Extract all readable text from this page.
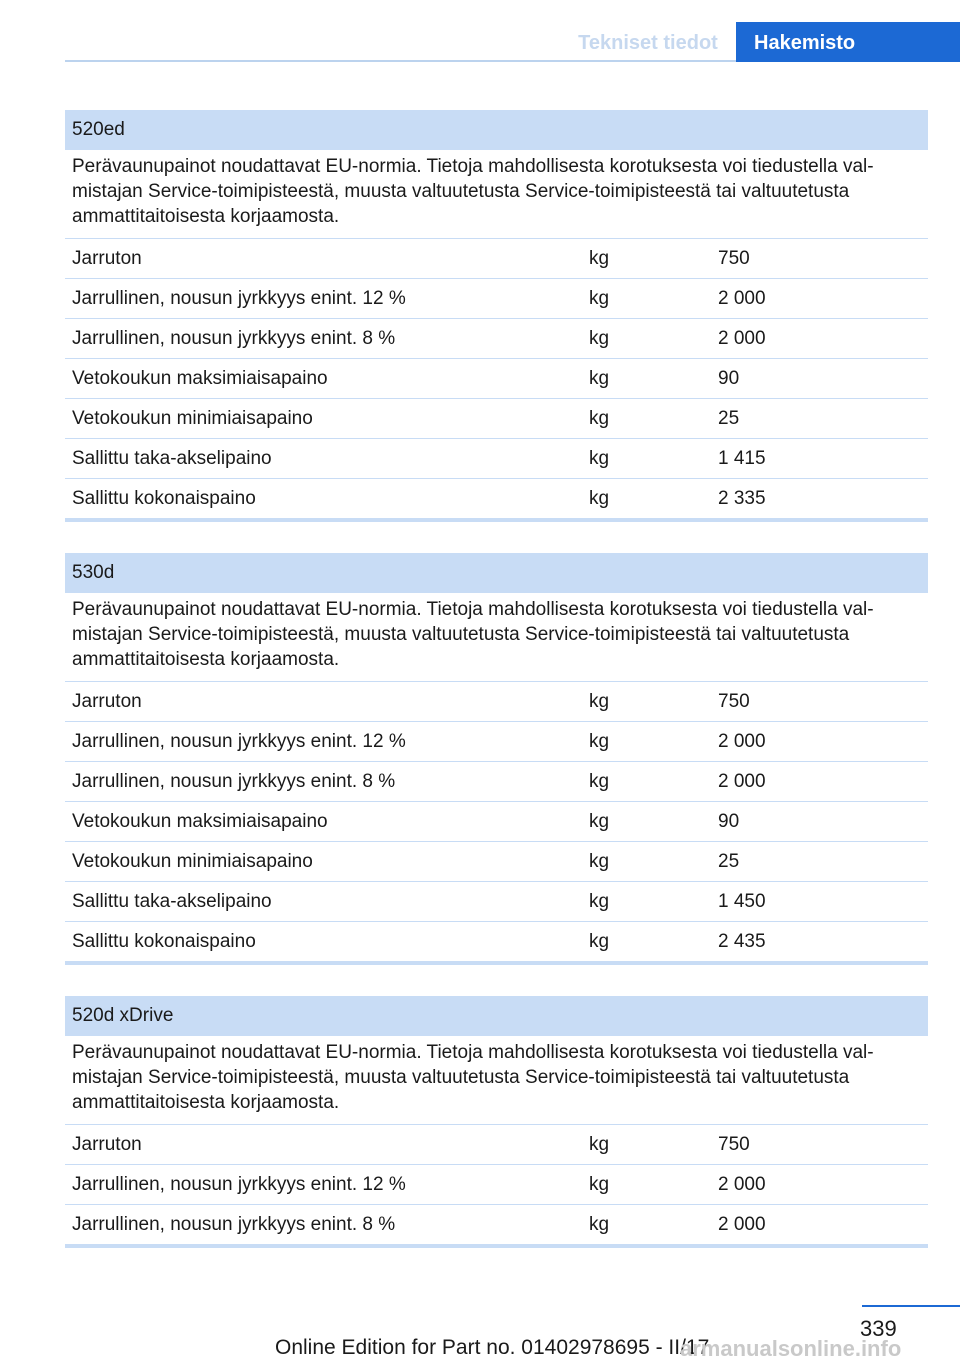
Tekniset tiedot	Hakemisto
520ed
Perävaunupainot noudattavat EU-normia. Tietoja mahdollisesta korotuksesta voi tiedustella valmistajan Service-toimipisteestä, muusta valtuutetusta Service-toimipisteestä tai valtuutetusta ammattitaitoisesta korjaamosta.
Jarruton	kg	750
Jarrullinen, nousun jyrkkyys enint. 12 %	kg	2 000
Jarrullinen, nousun jyrkkyys enint. 8 %	kg	2 000
Vetokoukun maksimiaisapaino	kg	90
Vetokoukun minimiaisapaino	kg	25
Sallittu taka-akselipaino	kg	1 415
Sallittu kokonaispaino	kg	2 335
530d
Perävaunupainot noudattavat EU-normia. Tietoja mahdollisesta korotuksesta voi tiedustella valmistajan Service-toimipisteestä, muusta valtuutetusta Service-toimipisteestä tai valtuutetusta ammattitaitoisesta korjaamosta.
Jarruton	kg	750
Jarrullinen, nousun jyrkkyys enint. 12 %	kg	2 000
Jarrullinen, nousun jyrkkyys enint. 8 %	kg	2 000
Vetokoukun maksimiaisapaino	kg	90
Vetokoukun minimiaisapaino	kg	25
Sallittu taka-akselipaino	kg	1 450
Sallittu kokonaispaino	kg	2 435
520d xDrive
Perävaunupainot noudattavat EU-normia. Tietoja mahdollisesta korotuksesta voi tiedustella valmistajan Service-toimipisteestä, muusta valtuutetusta Service-toimipisteestä tai valtuutetusta ammattitaitoisesta korjaamosta.
Jarruton	kg	750
Jarrullinen, nousun jyrkkyys enint. 12 %	kg	2 000
Jarrullinen, nousun jyrkkyys enint. 8 %	kg	2 000
339
Online Edition for Part no. 01402978695 - II/17
armanualsonline.info
